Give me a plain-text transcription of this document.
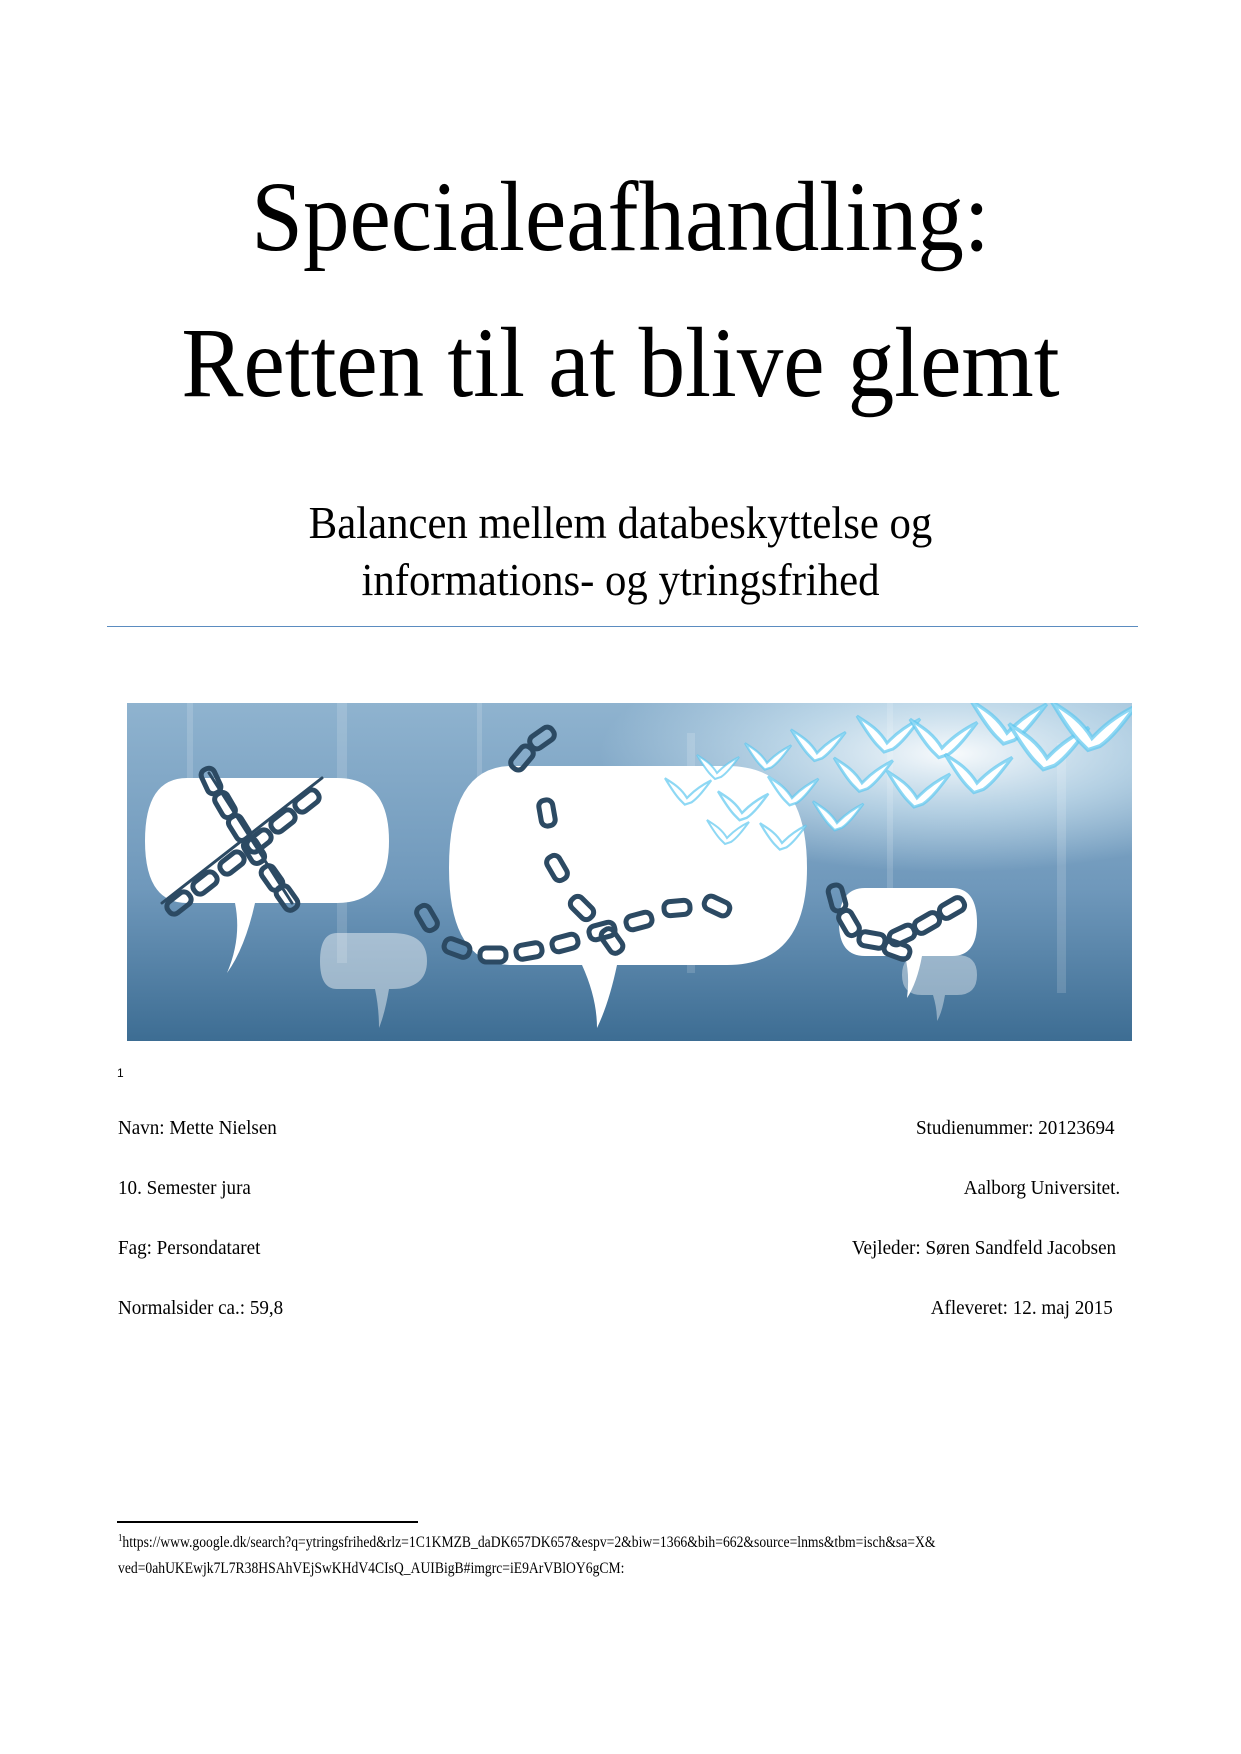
Specialeafhandling:
Retten til at blive glemt
Balancen mellem databeskyttelse og
informations- og ytringsfrihed
1
Navn: Mette Nielsen
10. Semester jura
Fag: Persondataret
Normalsider ca.: 59,8
Studienummer: 20123694
Aalborg Universitet.
Vejleder: Søren Sandfeld Jacobsen
Afleveret: 12. maj 2015
$^1$https://www.google.dk/search?q=ytringsfrihed&rlz=1C1KMZB_daDK657DK657&espv=2&biw=1366&bih=662&source=lnms&tbm=isch&sa=X&
ved=0ahUKEwjk7L7R38HSAhVEjSwKHdV4CIsQ_AUIBigB#imgrc=iE9ArVBlOY6gCM:
